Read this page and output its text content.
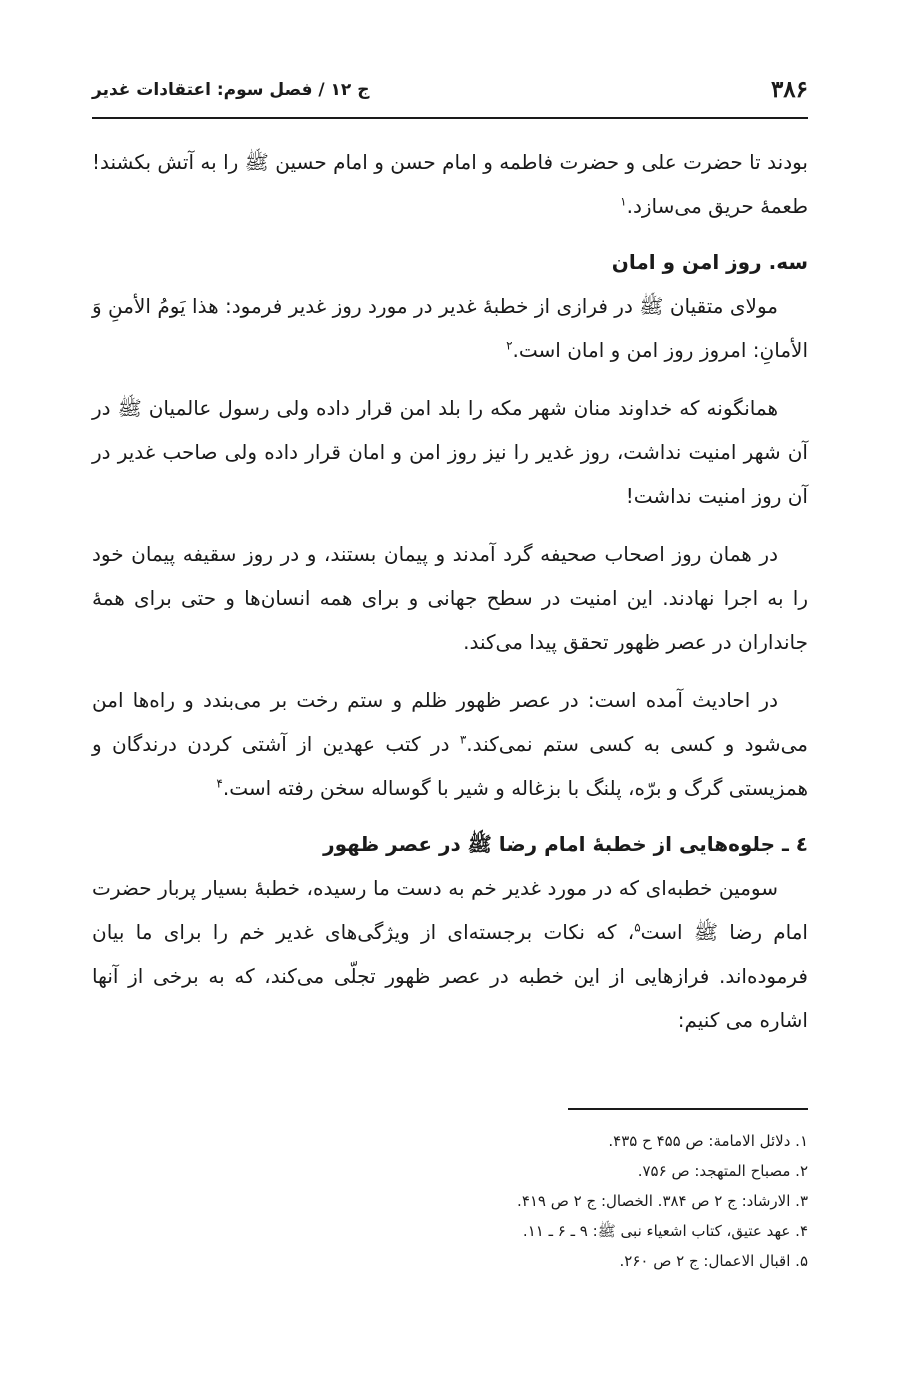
۳۸۶
ج ۱۲ / فصل سوم: اعتقادات غدیر

بودند تا حضرت علی و حضرت فاطمه و امام حسن و امام حسین ﷺ را به آتش بکشند! طعمهٔ حریق می‌سازد.$^۱$

سه. روز امن و امان

مولای متقیان ﷺ در فرازی از خطبهٔ غدیر در مورد روز غدیر فرمود: هذا یَومُ الأمنِ وَ الأمانِ: امروز روز امن و امان است.$^۲$

همانگونه که خداوند منان شهر مکه را بلد امن قرار داده ولی رسول عالمیان ﷺ در آن شهر امنیت نداشت، روز غدیر را نیز روز امن و امان قرار داده ولی صاحب غدیر در آن روز امنیت نداشت!

در همان روز اصحاب صحیفه گرد آمدند و پیمان بستند، و در روز سقیفه پیمان خود را به اجرا نهادند. این امنیت در سطح جهانی و برای همه انسان‌ها و حتی برای همهٔ جانداران در عصر ظهور تحقق پیدا می‌کند.

در احادیث آمده است: در عصر ظهور ظلم و ستم رخت بر می‌بندد و راه‌ها امن می‌شود و کسی به کسی ستم نمی‌کند.$^۳$ در کتب عهدین از آشتی کردن درندگان و همزیستی گرگ و برّه، پلنگ با بزغاله و شیر با گوساله سخن رفته است.$^۴$

٤ ـ جلوه‌هایی از خطبهٔ امام رضا ﷺ در عصر ظهور

سومین خطبه‌ای که در مورد غدیر خم به دست ما رسیده، خطبهٔ بسیار پربار حضرت امام رضا ﷺ است$^۵$، که نکات برجسته‌ای از ویژگی‌های غدیر خم را برای ما بیان فرموده‌اند. فرازهایی از این خطبه در عصر ظهور تجلّی می‌کند، که به برخی از آنها اشاره می کنیم:

۱. دلائل الامامة: ص ۴۵۵ ح ۴۳۵.

۲. مصباح المتهجد: ص ۷۵۶.

۳. الارشاد: ج ۲ ص ۳۸۴. الخصال: ج ۲ ص ۴۱۹.

۴. عهد عتیق، کتاب اشعیاء نبی ﷺ: ۹ ـ ۶ ـ ۱۱.

۵. اقبال الاعمال: ج ۲ ص ۲۶۰.
